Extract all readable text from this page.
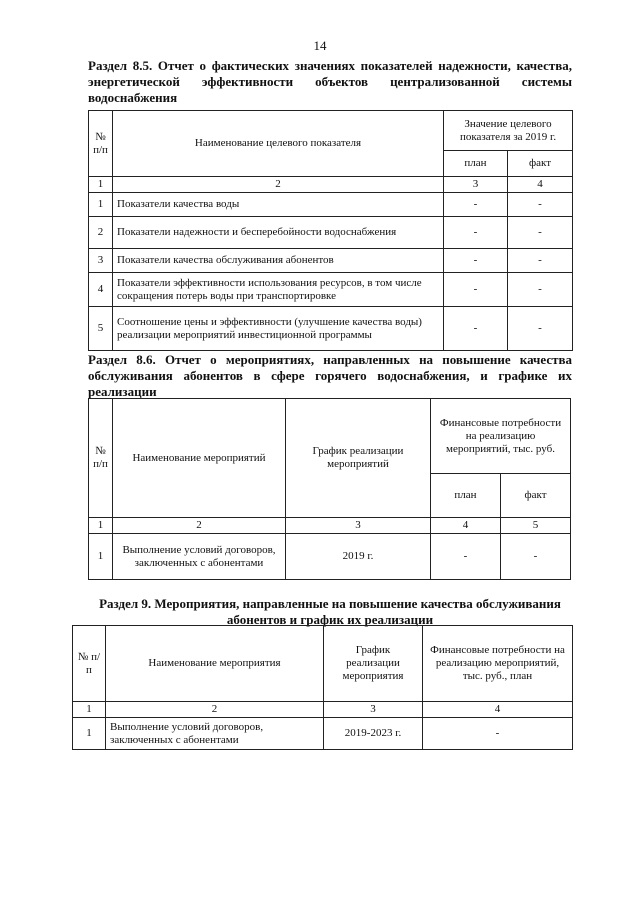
14
Раздел 8.5. Отчет о фактических значениях показателей надежности, качества, энергетической эффективности объектов централизованной системы водоснабжения
№ п/п	Наименование целевого показателя	Значение целевого показателя за 2019 г.	
		план	факт
1	2	3	4
1	Показатели качества воды	-	-
2	Показатели надежности и бесперебойности водоснабжения	-	-
3	Показатели качества обслуживания абонентов	-	-
4	Показатели эффективности использования ресурсов, в том числе сокращения потерь воды при транспортировке	-	-
5	Соотношение цены и эффективности (улучшение качества воды) реализации мероприятий инвестиционной программы	-	-
Раздел 8.6. Отчет о мероприятиях, направленных на повышение качества обслуживания абонентов в сфере горячего водоснабжения, и графике их реализации
№ п/п	Наименование мероприятий	График реализации мероприятий	Финансовые потребности на реализацию мероприятий, тыс. руб.	
			план	факт
1	2	3	4	5
1	Выполнение условий договоров, заключенных с абонентами	2019 г.	-	-
Раздел 9. Мероприятия, направленные на повышение качества обслуживания абонентов и график их реализации
№ п/ п	Наименование мероприятия	График реализации мероприятия	Финансовые потребности на реализацию мероприятий, тыс. руб., план
1	2	3	4
1	Выполнение условий договоров, заключенных с абонентами	2019-2023 г.	-
